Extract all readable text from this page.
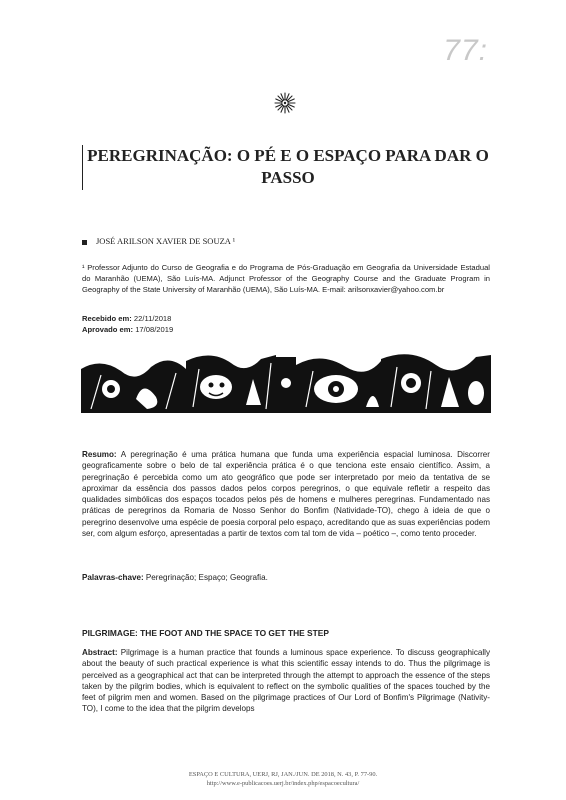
77:
PEREGRINAÇÃO: O PÉ E O ESPAÇO PARA DAR O PASSO
JOSÉ ARILSON XAVIER DE SOUZA ¹
¹ Professor Adjunto do Curso de Geografia e do Programa de Pós-Graduação em Geografia da Universidade Estadual do Maranhão (UEMA), São Luís-MA. Adjunct Professor of the Geography Course and the Graduate Program in Geography of the State University of Maranhão (UEMA), São Luís-MA. E-mail: arilsonxavier@yahoo.com.br
Recebido em: 22/11/2018
Aprovado em: 17/08/2019

Resumo: A peregrinação é uma prática humana que funda uma experiência espacial luminosa. Discorrer geograficamente sobre o belo de tal experiência prática é o que tenciona este ensaio científico. Assim, a peregrinação é percebida como um ato geográfico que pode ser interpretado por meio da tentativa de se aproximar da essência dos passos dados pelos corpos peregrinos, o que equivale refletir a respeito das qualidades simbólicas dos espaços tocados pelos pés de homens e mulheres peregrinas. Fundamentado nas práticas de peregrinos da Romaria de Nosso Senhor do Bonfim (Natividade-TO), chego à ideia de que o peregrino desenvolve uma espécie de poesia corporal pelo espaço, acreditando que as suas experiências podem ser, com algum esforço, apresentadas a partir de textos com tal tom de vida – poético –, como tento proceder.

Palavras-chave: Peregrinação; Espaço; Geografia.
PILGRIMAGE: THE FOOT AND THE SPACE TO GET THE STEP

Abstract: Pilgrimage is a human practice that founds a luminous space experience. To discuss geographically about the beauty of such practical experience is what this scientific essay intends to do. Thus the pilgrimage is perceived as a geographical act that can be interpreted through the attempt to approach the essence of the steps taken by the pilgrim bodies, which is equivalent to reflect on the symbolic qualities of the spaces touched by the feet of pilgrim men and women. Based on the pilgrimage practices of Our Lord of Bonfim's Pilgrimage (Nativity-TO), I come to the idea that the pilgrim develops

ESPAÇO E CULTURA, UERJ, RJ, JAN./JUN. DE 2018, N. 43, P. 77-90.
http://www.e-publicacoes.uerj.br/index.php/espacoecultura/
